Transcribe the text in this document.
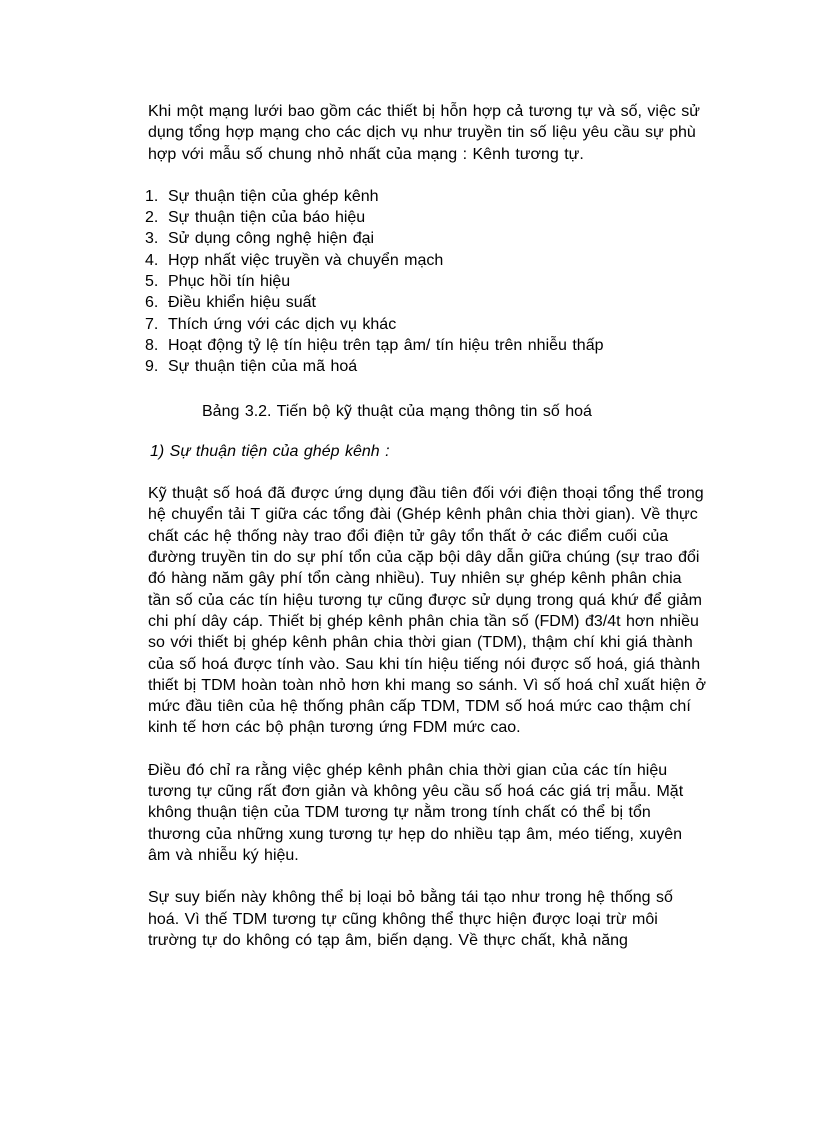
Khi một mạng lưới bao gồm các thiết bị hỗn hợp cả tương tự và số, việc sử dụng tổng hợp mạng cho các dịch vụ như truyền tin số liệu yêu cầu sự phù hợp với mẫu số chung nhỏ nhất của mạng : Kênh tương tự.

1. Sự thuận tiện của ghép kênh
2. Sự thuận tiện của báo hiệu
3. Sử dụng công nghệ hiện đại
4. Hợp nhất việc truyền và chuyển mạch
5. Phục hồi tín hiệu
6. Điều khiển hiệu suất
7. Thích ứng với các dịch vụ khác
8. Hoạt động tỷ lệ tín hiệu trên tạp âm/ tín hiệu trên nhiễu thấp
9. Sự thuận tiện của mã hoá

Bảng 3.2. Tiến bộ kỹ thuật của mạng thông tin số hoá

1) Sự thuận tiện của ghép kênh :

Kỹ thuật số hoá đã được ứng dụng đầu tiên đối với điện thoại tổng thể trong hệ chuyển tải T giữa các tổng đài (Ghép kênh phân chia thời gian). Về thực chất các hệ thống này trao đổi điện tử gây tổn thất ở các điểm cuối của đường truyền tin do sự phí tổn của cặp bội dây dẫn giữa chúng (sự trao đổi đó hàng năm gây phí tổn càng nhiều). Tuy nhiên sự ghép kênh phân chia tần số của các tín hiệu tương tự cũng được sử dụng trong quá khứ để giảm chi phí dây cáp. Thiết bị ghép kênh phân chia tần số (FDM) đ3/4t hơn nhiều so với thiết bị ghép kênh phân chia thời gian (TDM), thậm chí khi giá thành của số hoá được tính vào. Sau khi tín hiệu tiếng nói được số hoá, giá thành thiết bị TDM hoàn toàn nhỏ hơn khi mang so sánh. Vì số hoá chỉ xuất hiện ở mức đầu tiên của hệ thống phân cấp TDM, TDM số hoá mức cao thậm chí kinh tế hơn các bộ phận tương ứng FDM mức cao.

Điều đó chỉ ra rằng việc ghép kênh phân chia thời gian của các tín hiệu tương tự cũng rất đơn giản và không yêu cầu số hoá các giá trị mẫu. Mặt không thuận tiện của TDM tương tự nằm trong tính chất có thể bị tổn thương của những xung tương tự hẹp do nhiều tạp âm, méo tiếng, xuyên âm và nhiễu ký hiệu.

Sự suy biến này không thể bị loại bỏ bằng tái tạo như trong hệ thống số hoá. Vì thế TDM tương tự cũng không thể thực hiện được loại trừ môi trường tự do không có tạp âm, biến dạng. Về thực chất, khả năng
